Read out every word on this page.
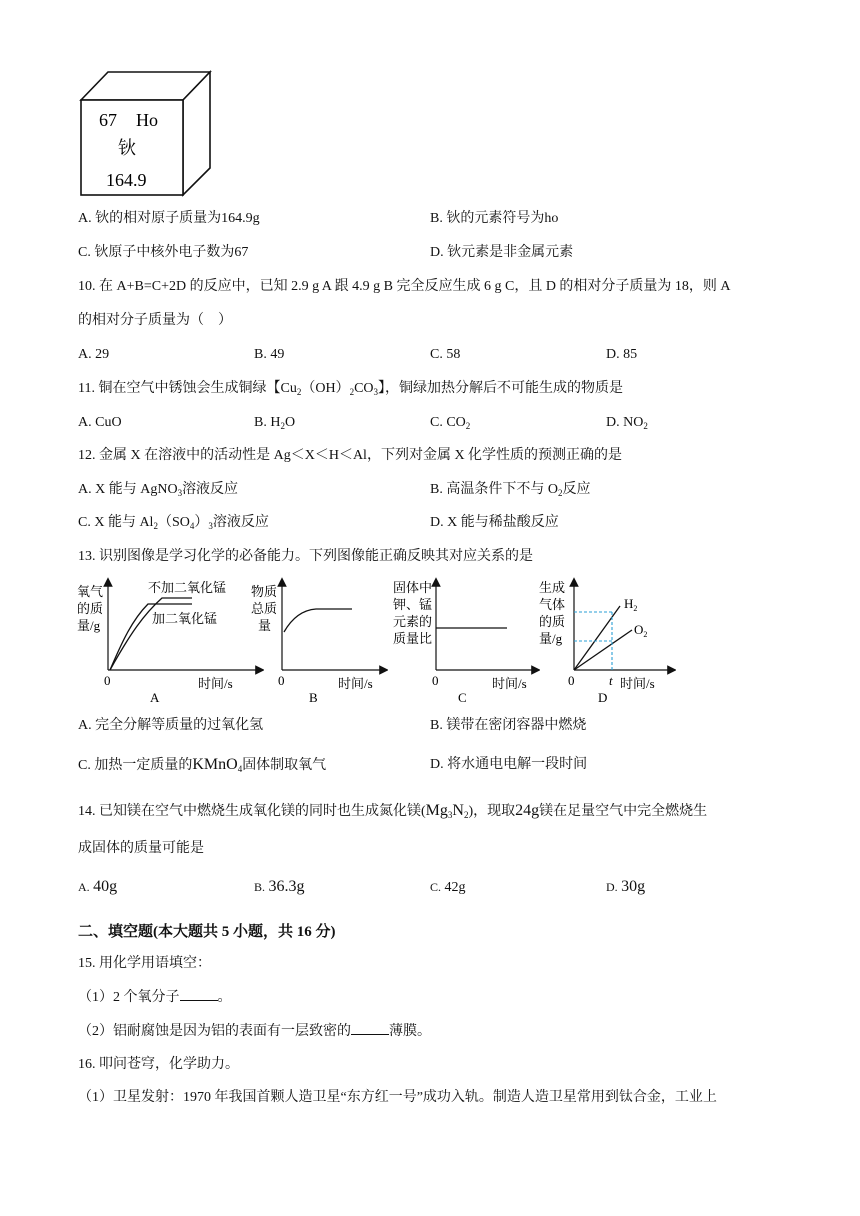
67 Ho
钬
164.9
A. 钬的相对原子质量为164.9g	B. 钬的元素符号为ho
C. 钬原子中核外电子数为67	D. 钬元素是非金属元素
10. 在 A+B=C+2D 的反应中，已知 2.9 g A 跟 4.9 g B 完全反应生成 6 g C，且 D 的相对分子质量为 18，则 A
的相对分子质量为（　）
A. 29	B. 49	C. 58	D. 85
11. 铜在空气中锈蚀会生成铜绿【$Cu_2(OH)_2CO_3$】，铜绿加热分解后不可能生成的物质是
A. CuO	B. $H_2O$	C. $CO_2$	D. $NO_2$
12. 金属 X 在溶液中的活动性是 Ag＜X＜H＜Al，下列对金属 X 化学性质的预测正确的是
A. X 能与 AgNO$_3$溶液反应	B. 高温条件下不与 $O_2$反应
C. X 能与 $Al_2(SO_4)_3$溶液反应	D. X 能与稀盐酸反应
13. 识别图像是学习化学的必备能力。下列图像能正确反映其对应关系的是
氧气
的质
量/g
不加二氧化锰
加二氧化锰
0	时间/s
A
物质
总质
量
0	时间/s
B
固体中
钾、锰
元素的
质量比
0	时间/s
C
生成
气体
的质
量/g
$H_2$
$O_2$
0	t 时间/s
D
A. 完全分解等质量的过氧化氢	B. 镁带在密闭容器中燃烧
C. 加热一定质量的KMnO$_4$固体制取氧气	D. 将水通电电解一段时间
14. 已知镁在空气中燃烧生成氧化镁的同时也生成氮化镁$(Mg_3N_2)$，现取24g镁在足量空气中完全燃烧生
成固体的质量可能是
A. 40g	B. 36.3g	C. 42g	D. 30g
二、填空题(本大题共 5 小题，共 16 分)
15. 用化学用语填空：
（1）2 个氧分子	。
（2）铝耐腐蚀是因为铝的表面有一层致密的	薄膜。
16. 叩问苍穹，化学助力。
（1）卫星发射：1970 年我国首颗人造卫星“东方红一号”成功入轨。制造人造卫星常用到钛合金，工业上
